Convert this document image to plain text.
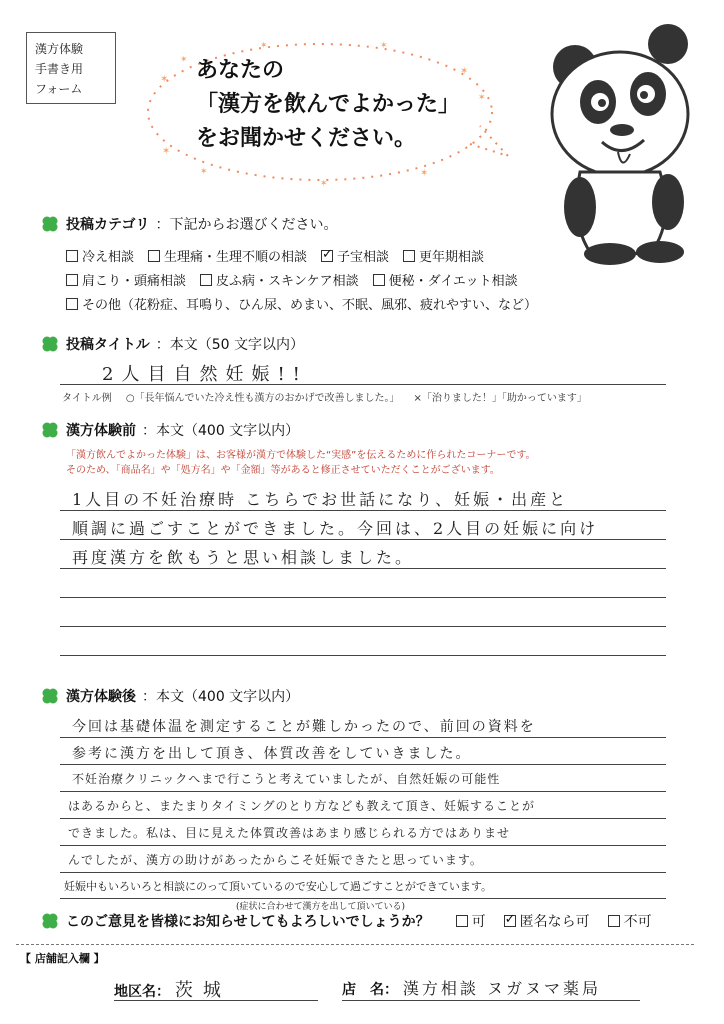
漢方体験
手書き用
フォーム
✶
✶
✶
✶
✶
✶	✶
✶
✶	✶
あなたの
「漢方を飲んでよかった」
をお聞かせください。
投稿カテゴリ ：下記からお選びください。
冷え相談 生理痛・生理不順の相談 ✓ 子宝相談 更年期相談
肩こり・頭痛相談 皮ふ病・スキンケア相談 便秘・ダイエット相談
その他（花粉症、耳鳴り、ひん尿、めまい、不眠、風邪、疲れやすい、など）
投稿タイトル ：本文（50 文字以内）
2人目自然妊娠!!
タイトル例 ○「長年悩んでいた冷え性も漢方のおかげで改善しました。」 ×「治りました！」「助かっています」
漢方体験前 ：本文（400 文字以内）
「漢方飲んでよかった体験」は、お客様が漢方で体験した“実感”を伝えるために作られたコーナーです。
そのため、「商品名」や「処方名」や「金額」等があると修正させていただくことがございます。
1人目の不妊治療時 こちらでお世話になり、妊娠・出産と
順調に過ごすことができました。今回は、2人目の妊娠に向け
再度漢方を飲もうと思い相談しました。
漢方体験後 ：本文（400 文字以内）
今回は基礎体温を測定することが難しかったので、前回の資料を
参考に漢方を出して頂き、体質改善をしていきました。
不妊治療クリニックへまで行こうと考えていましたが、自然妊娠の可能性
はあるからと、またまりタイミングのとり方なども教えて頂き、妊娠することが
できました。私は、目に見えた体質改善はあまり感じられる方ではありませ
んでしたが、漢方の助けがあったからこそ妊娠できたと思っています。
妊娠中もいろいろと相談にのって頂いているので安心して過ごすことができています。
(症状に合わせて漢方を出して頂いている)
このご意見を皆様にお知らせしてもよろしいでしょうか？	可 ✓ 匿名なら可 不可
【 店舗記入欄 】
地区名： 茨城	店　名： 漢方相談 ヌガヌマ薬局
